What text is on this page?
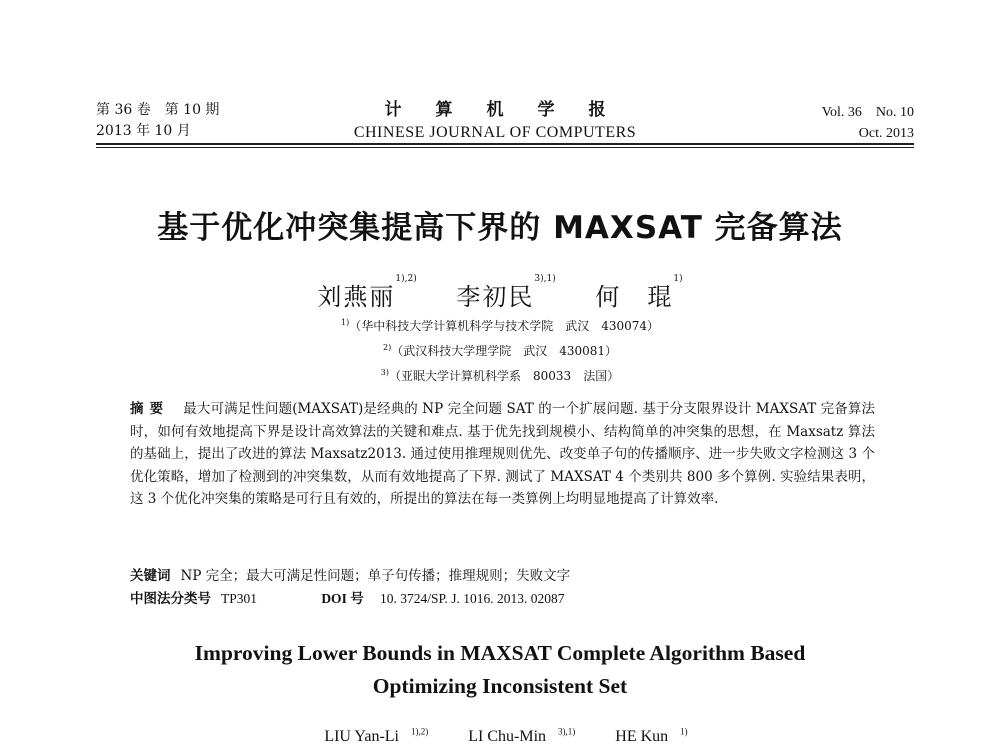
第 36 卷　第 10 期
2013 年 10 月
计算机学报
CHINESE JOURNAL OF COMPUTERS
Vol. 36　No. 10
Oct. 2013
基于优化冲突集提高下界的 MAXSAT 完备算法
刘燕丽$^{1),2)}$ 李初民$^{3),1)}$ 何　琨$^{1)}$
$^{1)}$（华中科技大学计算机科学与技术学院　武汉　430074）
$^{2)}$（武汉科技大学理学院　武汉　430081）
$^{3)}$（亚眠大学计算机科学系　80033　法国）
摘要 最大可满足性问题(MAXSAT)是经典的 NP 完全问题 SAT 的一个扩展问题. 基于分支限界设计 MAXSAT 完备算法时，如何有效地提高下界是设计高效算法的关键和难点. 基于优先找到规模小、结构简单的冲突集的思想，在 Maxsatz 算法的基础上，提出了改进的算法 Maxsatz2013. 通过使用推理规则优先、改变单子句的传播顺序、进一步失败文字检测这 3 个优化策略，增加了检测到的冲突集数，从而有效地提高了下界. 测试了 MAXSAT 4 个类别共 800 多个算例. 实验结果表明，这 3 个优化冲突集的策略是可行且有效的，所提出的算法在每一类算例上均明显地提高了计算效率.
关键词 NP 完全；最大可满足性问题；单子句传播；推理规则；失败文字
中图法分类号 TP301	DOI 号 10. 3724/SP. J. 1016. 2013. 02087
Improving Lower Bounds in MAXSAT Complete Algorithm Based
Optimizing Inconsistent Set
LIU Yan-Li $^{1),2)}$	LI Chu-Min $^{3),1)}$	HE Kun $^{1)}$
